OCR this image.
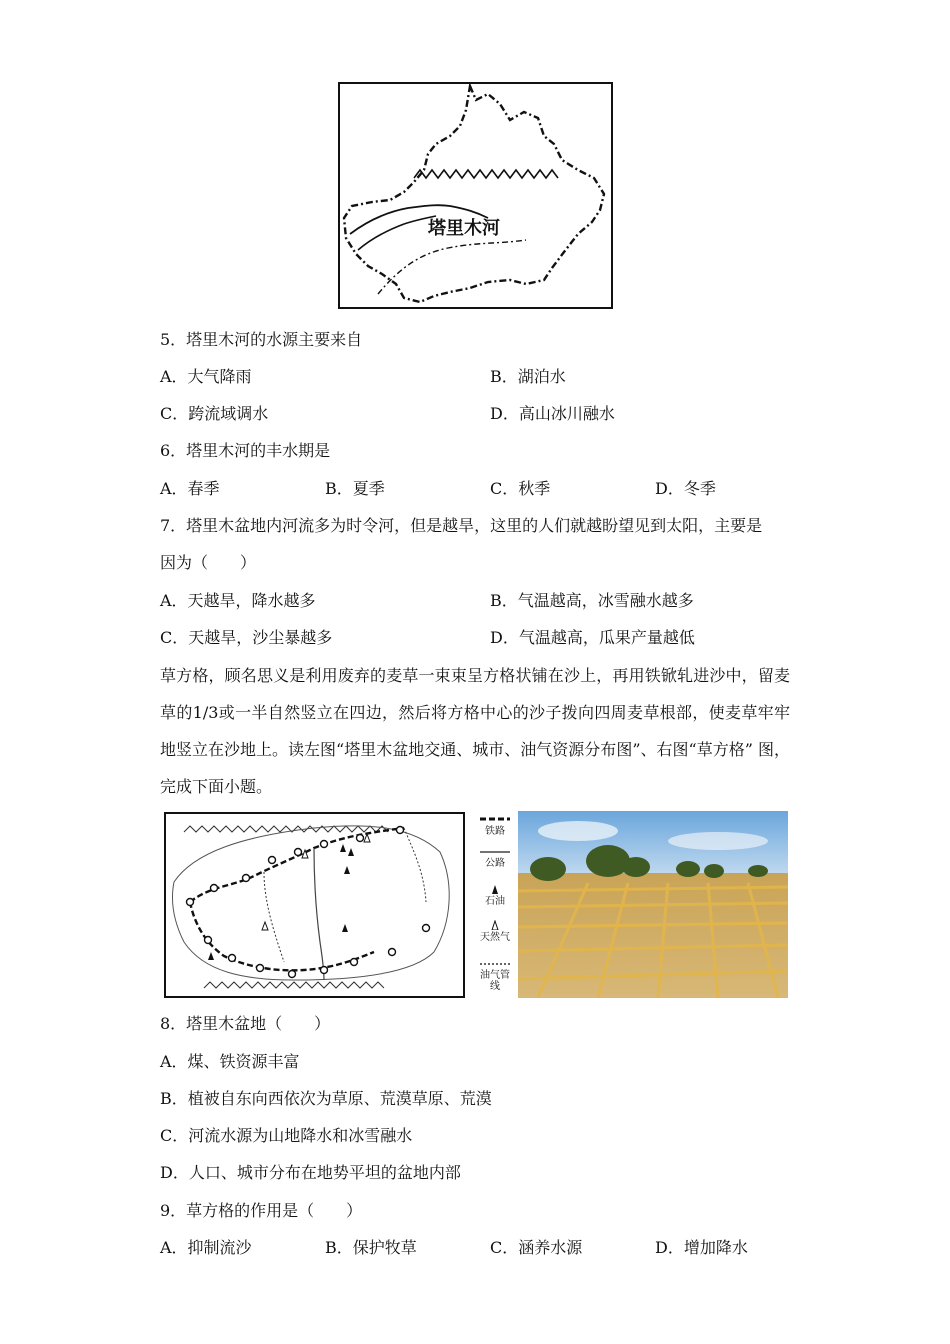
塔里木河
5．塔里木河的水源主要来自
A．大气降雨	B．湖泊水
C．跨流域调水	D．高山冰川融水
6．塔里木河的丰水期是
A．春季	B．夏季	C．秋季	D．冬季
7．塔里木盆地内河流多为时令河，但是越旱，这里的人们就越盼望见到太阳，主要是
因为（　　）
A．天越旱，降水越多	B．气温越高，冰雪融水越多
C．天越旱，沙尘暴越多	D．气温越高，瓜果产量越低
草方格，顾名思义是利用废弃的麦草一束束呈方格状铺在沙上，再用铁锨轧进沙中，留麦草的1/3或一半自然竖立在四边，然后将方格中心的沙子拨向四周麦草根部，使麦草牢牢地竖立在沙地上。读左图“塔里木盆地交通、城市、油气资源分布图”、右图“草方格” 图，完成下面小题。
铁路
公路
石油
天然气
油气管线
8．塔里木盆地（　　）
A．煤、铁资源丰富
B．植被自东向西依次为草原、荒漠草原、荒漠
C．河流水源为山地降水和冰雪融水
D．人口、城市分布在地势平坦的盆地内部
9．草方格的作用是（　　）
A．抑制流沙	B．保护牧草	C．涵养水源	D．增加降水
